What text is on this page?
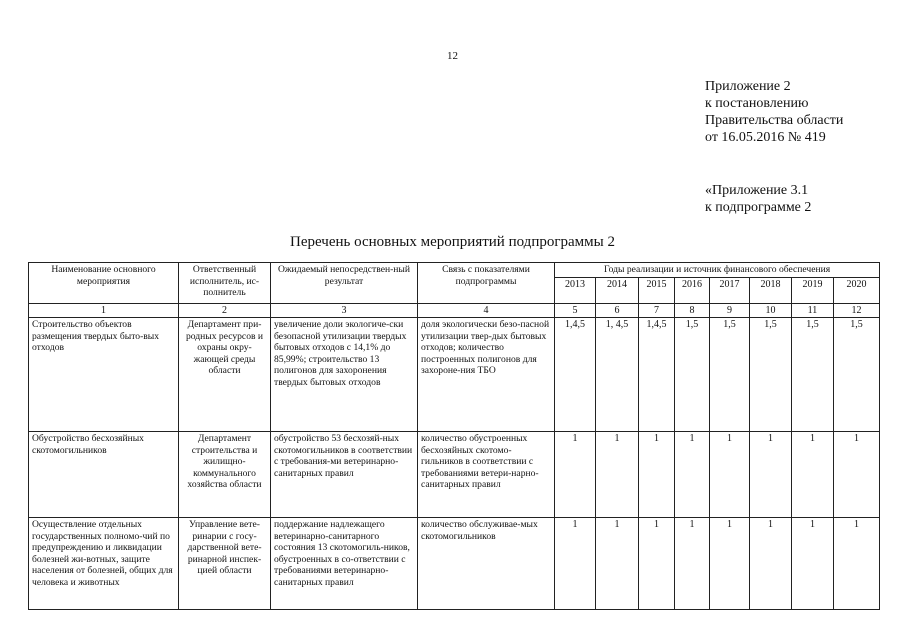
12
Приложение 2
к постановлению
Правительства области
от 16.05.2016 № 419
«Приложение 3.1
к подпрограмме 2
Перечень основных мероприятий подпрограммы 2
Наименование основного мероприятия	Ответственный исполнитель, ис-полнитель	Ожидаемый непосредствен-ный результат	Связь с показателями подпрограммы	Годы реализации и источник финансового обеспечения							
				2013	2014	2015	2016	2017	2018	2019	2020
1	2	3	4	5	6	7	8	9	10	11	12
Строительство объектов размещения твердых быто-вых отходов	Департамент при-родных ресурсов и охраны окру-жающей среды области	увеличение доли экологиче-ски безопасной утилизации твердых бытовых отходов с 14,1% до 85,99%; строительство 13 полигонов для захоронения твердых бытовых отходов	доля экологически безо-пасной утилизации твер-дых бытовых отходов; количество построенных полигонов для захороне-ния ТБО	1,4,5	1, 4,5	1,4,5	1,5	1,5	1,5	1,5	1,5
Обустройство бесхозяйных скотомогильников	Департамент строительства и жилищно-коммунального хозяйства области	обустройство 53 бесхозяй-ных скотомогильников в соответствии с требования-ми ветеринарно-санитарных правил	количество обустроенных бесхозяйных скотомо-гильников в соответствии с требованиями ветери-нарно-санитарных правил	1	1	1	1	1	1	1	1
Осуществление отдельных государственных полномо-чий по предупреждению и ликвидации болезней жи-вотных, защите населения от болезней, общих для человека и животных	Управление вете-ринарии с госу-дарственной вете-ринарной инспек-цией области	поддержание надлежащего ветеринарно-санитарного состояния 13 скотомогиль-ников, обустроенных в со-ответствии с требованиями ветеринарно-санитарных правил	количество обслуживае-мых скотомогильников	1	1	1	1	1	1	1	1
